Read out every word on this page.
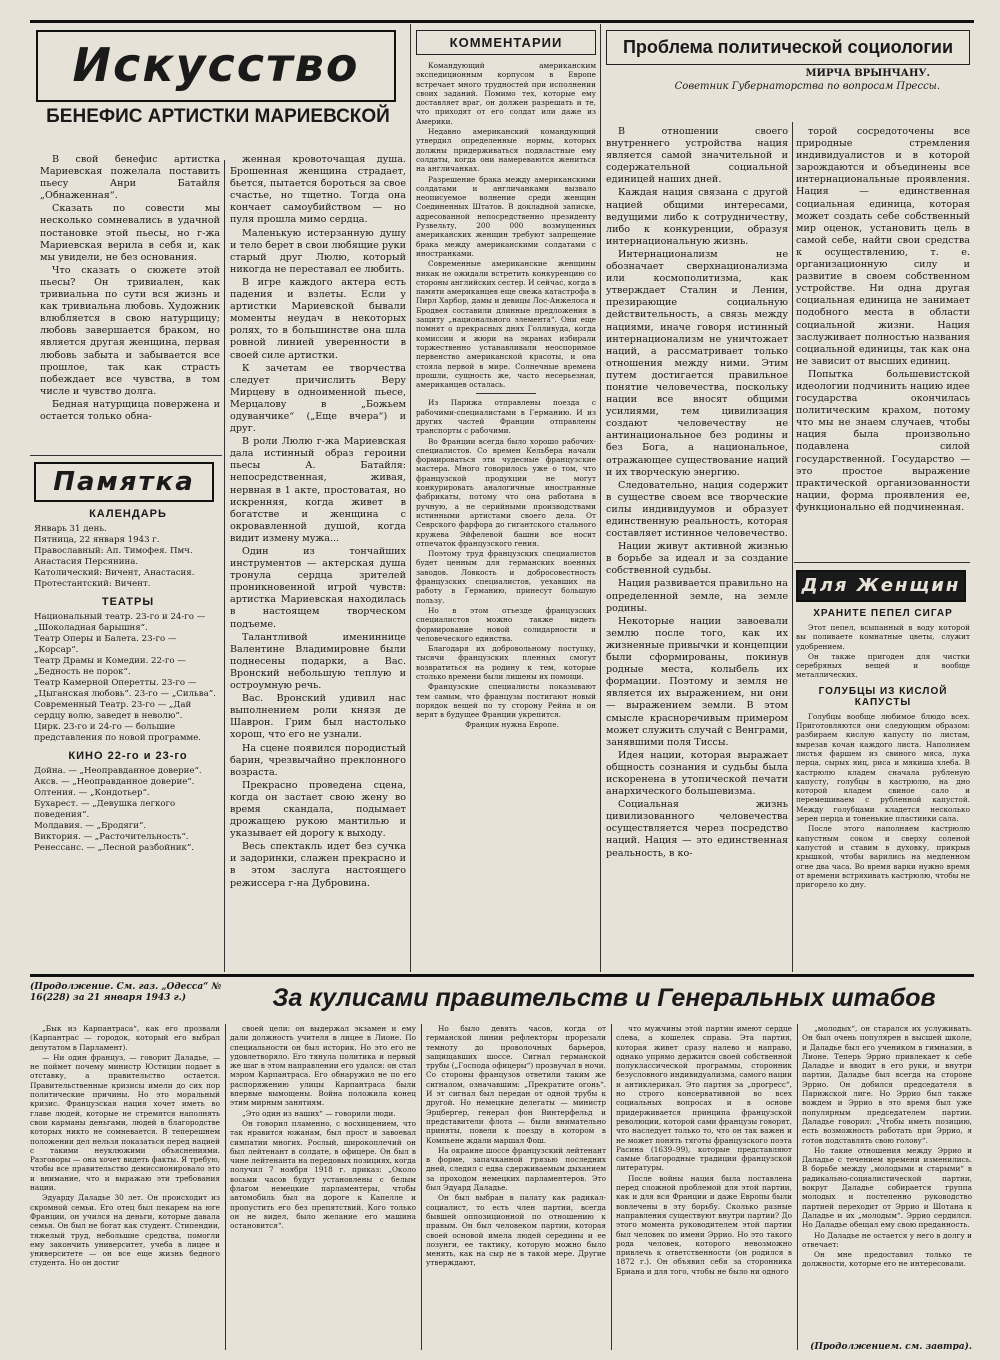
Искусство
БЕНЕФИС АРТИСТКИ МАРИЕВСКОЙ

В свой бенефис артистка Мариевская пожелала поставить пьесу Анри Батайля „Обнаженная“.

Сказать по совести мы несколько сомневались в удачной постановке этой пьесы, но г-жа Мариевская верила в себя и, как мы увидели, не без основания.

Что сказать о сюжете этой пьесы? Он тривиален, как тривиальна по сути вся жизнь и как тривиальна любовь. Художник влюбляется в свою натурщицу; любовь завершается браком, но является другая женщина, первая любовь забыта и забывается все прошлое, так как страсть побеждает все чувства, в том числе и чувство долга.

Бедная натурщица повержена и остается только обна-

женная кровоточащая душа. Брошенная женщина страдает, бьется, пытается бороться за свое счастье, но тщетно. Тогда она кончает самоубийством — но пуля прошла мимо сердца.

Маленькую истерзанную душу и тело берет в свои любящие руки старый друг Люлю, который никогда не переставал ее любить.

В игре каждого актера есть падения и взлеты. Если у артистки Мариевской бывали моменты неудач в некоторых ролях, то в большинстве она шла ровной линией уверенности в своей силе артистки.

К зачетам ее творчества следует причислить Веру Мирцеву в одноименной пьесе, Мерцалову в „Божьем одуванчике“ („Еще вчера“) и друг.

В роли Люлю г-жа Мариевская дала истинный образ героини пьесы А. Батайля: непосредственная, живая, нервная в 1 акте, простоватая, но искренняя, когда живет в богатстве и женщина с окровавленной душой, когда видит измену мужа...

Один из тончайших инструментов — актерская душа тронула сердца зрителей проникновенной игрой чувств: артистка Мариевская находилась в настоящем творческом подъеме.

Талантливой имениннице Валентине Владимировне были поднесены подарки, а Вас. Вронский небольшую теплую и остроумную речь.

Вас. Вронский удивил нас выполнением роли князя де Шаврон. Грим был настолько хорош, что его не узнали.

На сцене появился породистый барин, чрезвычайно преклонного возраста.

Прекрасно проведена сцена, когда он застает свою жену во время скандала, подымает дрожащею рукою мантилью и указывает ей дорогу к выходу.

Весь спектакль идет без сучка и задоринки, слажен прекрасно и в этом заслуга настоящего режиссера г-на Дубровина.

Памятка
КАЛЕНДАРЬ
Январь 31 день.
Пятница, 22 января 1943 г.
Православный: Ап. Тимофея. Пмч. Анастасия Персянина.
Католический: Вичент, Анастасия.
Протестантский: Вичент.
ТЕАТРЫ
Национальный театр. 23-го и 24-го — „Шоколадная барышня“.
Театр Оперы и Балета. 23-го — „Корсар“.
Театр Драмы и Комедии. 22-го — „Бедность не порок“.
Театр Камерной Оперетты. 23-го — „Цыганская любовь“. 23-го — „Сильва“.
Современный Театр. 23-го — „Дай сердцу волю, заведет в неволю“.
Цирк. 23-го и 24-го — большие представления по новой программе.
КИНО 22-го и 23-го
Дойна. — „Неоправданное доверие“.
Аксв. — „Неоправданное доверие“.
Олтения. — „Кондотьер“.
Бухарест. — „Девушка легкого поведения“.
Молдавия. — „Бродяги“.
Виктория. — „Расточительность“.
Ренессанс. — „Лесной разбойник“.
КОММЕНТАРИИ

Командующий американским экспедиционным корпусом в Европе встречает много трудностей при исполнении своих заданий. Помимо тех, которые ему доставляет враг, он должен разрешать и те, что приходят от его солдат или даже из Америки.

Недавно американский командующий утвердил определенные нормы, которых должны придерживаться подвластные ему солдаты, когда они намереваются жениться на англичанках.

Разрешение брака между американскими солдатами и англичанками вызвало неописуемое волнение среди женщин Соединенных Штатов. В докладной записке, адресованной непосредственно президенту Рузвельту, 200 000 возмущенных американских женщин требуют запрещение брака между американскими солдатами с иностранками.

Современные американские женщины никак не ожидали встретить конкуренцию со стороны английских сестер. И сейчас, когда в памяти американцев еще свежа катастрофа в Пирл Харбор, дамы и девицы Лос-Анжелоса и Бродвея составили длинные предложения в защиту „национального элемента“. Они еще помнят о прекрасных днях Голливуда, когда комиссии и жюри на экранах избирали торжественно устанавливали неоспоримое первенство американской красоты, и она стояла первой в мире. Солнечные времена прошли, сущность же, часто несерьезная, американцев осталась.

Из Парижа отправлены поезда с рабочими-специалистами в Германию. И из других частей Франции отправлены транспорты с рабочими.

Во Франции всегда было хорошо рабочих-специалистов. Со времен Кельбера начали формироваться эти чудесные французские мастера. Много говорилось уже о том, что французской продукции не могут конкурировать аналогичные иностранные фабрикаты, потому что она работана в ручную, а не серийными производствами истинными артистами своего дела. От Севрского фарфора до гигантского стального кружева Эйфелевой башни все носит отпечаток французского гения.

Поэтому труд французских специалистов будет ценным для германских военных заводов. Ловкость и добросовестность французских специалистов, уехавших на работу в Германию, принесут большую пользу.

Но в этом отъезде французских специалистов можно также видеть формирование новой солидарности и человеческого единства.

Благодаря их добровольному поступку, тысячи французских пленных смогут возвратиться на родину к тем, которые столько времени были лишены их помощи.

Французские специалисты показывают тем самым, что французы постигают новый порядок вещей по ту сторону Рейна и он верят в будущее Франции укрепится.

Франция нужна Европе.

Проблема политической социологии
МИРЧА ВРЫНЧАНУ.
Советник Губернаторства по вопросам Прессы.

В отношении своего внутреннего устройства нация является самой значительной и содержательной социальной единицей наших дней.

Каждая нация связана с другой нацией общими интересами, ведущими либо к сотрудничеству, либо к конкуренции, образуя интернациональную жизнь.

Интернационализм не обозначает сверхнационализма или космополитизма, как утверждает Сталин и Ленин, презирающие социальную действительность, а связь между нациями, иначе говоря истинный интернационализм не уничтожает наций, а рассматривает только отношения между ними. Этим путем достигается правильное понятие человечества, поскольку нации все вносят общими усилиями, тем цивилизация создают человечеству не антинациональное без родины и без Бога, а национальное, отражающее существование наций и их творческую энергию.

Следовательно, нация содержит в существе своем все творческие силы индивидуумов и образует единственную реальность, которая составляет истинное человечество.

Нации живут активной жизнью в борьбе за идеал и за создание собственной судьбы.

Нация развивается правильно на определенной земле, на земле родины.

Некоторые нации завоевали землю после того, как их жизненные привычки и концепции были сформированы, покинув родные места, колыбель их формации. Поэтому и земля не является их выражением, ни они — выражением земли. В этом смысле красноречивым примером может служить случай с Венграми, занявшими поля Тиссы.

Идея нации, которая выражает общность сознания и судьбы была искоренена в утопической печати анархического большевизма.

Социальная жизнь цивилизованного человечества осуществляется через посредство наций. Нация — это единственная реальность, в ко-

торой сосредоточены все природные стремления индивидуалистов и в которой зарождаются и объединены все интернациональные проявления. Нация — единственная социальная единица, которая может создать себе собственный мир оценок, установить цель в самой себе, найти свои средства к осуществлению, т. е. организационную силу и развитие в своем собственном устройстве. Ни одна другая социальная единица не занимает подобного места в области социальной жизни. Нация заслуживает полностью названия социальной единицы, так как она не зависит от высших единиц.

Попытка большевистской идеологии подчинить нацию идее государства окончилась политическим крахом, потому что мы не знаем случаев, чтобы нация была произвольно подавлена силой государственной. Государство — это простое выражение практической организованности нации, форма проявления ее, функционально ей подчиненная.

Для Женщин
ХРАНИТЕ ПЕПЕЛ СИГАР

Этот пепел, всыпанный в воду которой вы поливаете комнатные цветы, служит удобрением.

Он также пригоден для чистки серебряных вещей и вообще металлических.

ГОЛУБЦЫ ИЗ КИСЛОЙ КАПУСТЫ

Голубцы вообще любимое блюдо всех. Приготовляются они следующим образом: разбираем кислую капусту по листам, вырезав кочан каждого листа. Наполняем листья фаршем из свиного мяса, лука перца, сырых яиц, риса и мякиша хлеба. В кастрюлю кладем сначала рубленую капусту, голубцы в кастрюлю, на дно которой кладем свиное сало и перемешиваем с рубленной капустой. Между голубцами кладется несколько зерен перца и тоненькие пластинки сала.

После этого наполняем кастрюлю капустным соком и сверху соленой капустой и ставим в духовку, прикрыв крышкой, чтобы варились на медленном огне два часа. Во время варки нужно время от времени встряхивать кастрюлю, чтобы не пригорело ко дну.

(Продолжение. См. газ. „Одесса“ № 16(228) за 21 января 1943 г.)	За кулисами правительств и Генеральных штабов

„Бык из Карпантраса“, как его прозвали (Карпантрас — городок, который его выбрал депутатом в Парламент).

— Ни один француз, — говорит Даладье, — не поймет почему министр Юстиции подает в отставку, а правительство остается. Правительственные кризисы имели до сих пор политические причины. Но это моральный кризис. Французская нация хочет иметь во главе людей, которые не стремятся наполнять свои карманы деньгами, людей в благородстве которых никто не сомневается. В теперешнем положении дел нельзя показаться перед нацией с такими неуклюжими объяснениями. Разговоры — она хочет видеть факты. Я требую, чтобы все правительство демиссионировало это и внимание, что и выражаю эти требования нации.

Эдуарду Даладье 30 лет. Он происходит из скромной семьи. Его отец был пекарем на юге Франции, он учился на деньги, которые давала семья. Он был не богат как студент. Стипендии, тяжелый труд, небольшие средства, помогли ему закончить университет, учеба в лицее и университете — он все еще жизнь бедного студента. Но он достиг

своей цели: он выдержал экзамен и ему дали должность учителя в лицее в Лионе. По специальности он был историк. Но это его не удовлетворяло. Его тянула политика и первый же шаг в этом направлении его удался: он стал мэром Карпантраса. Его обнаружил не по его распоряжению улицы Карпантраса были впервые вымощены. Война положила конец этим мирным занятиям.

„Это один из наших“ — говорили люди.

Он говорил пламенно, с восхищением, что так нравится южанам, был прост и завоевал симпатии многих. Рослый, широкоплечий он был лейтенант в солдате, в офицере. Он был в чине лейтенанта на передовых позициях, когда получил 7 ноября 1918 г. приказ: „Около восьми часов будут установлены с белым флагом немецкие парламентеры, чтобы автомобиль был на дороге к Капелле и пропустить его без препятствий. Кого только он не видел, было желание его машина остановится“.

Но было девять часов, когда от германской линии рефлекторы прорезали темноту до проволочных барьеров, защищавших шоссе. Сигнал германской трубы („Господа офицеры“) прозвучал в ночи. Со стороны французов ответили таким же сигналом, означавшим: „Прекратите огонь“. И эт сигнал был передан от одной трубы к другой. Но немецкие делегаты — министр Эрцбергер, генерал фон Винтерфельд и представители флота — были внимательно приняты, повели к поезду в котором в Компьене ждали маршал Фош.

На окраине шоссе французский лейтенант в форме, запачканной грязью последних дней, следил с едва сдерживаемым дыханием за проходом немецких парламентеров. Это был Эдуард Даладье.

Он был выбран в палату как радикал-социалист, то есть член партии, всегда бывшей оппозиционной по отношению к правым. Он был человеком партии, которая своей основой имела людей середины и ее лозунги, ее тактику, которую можно было менять, как на сыр не в такой мере. Другие утверждают,

что мужчины этой партии имеют сердце слева, а кошелек справа. Эта партия, которая живет сразу налево и направо, однако упрямо держится своей собственной полуклассической программы, сторонник безусловного индивидуализма, самого нации и антиклерикал. Это партия за „прогресс“, но строго консервативной во всех социальных вопросах и в основе придерживается принципа французской революции, которой сами французы говорят, что наследует только то, что он так важен и не может понять тяготы французского поэта Расина (1639–99), которые представляют самые благородные традиции французской литературы.

После войны нация была поставлена перед сложной проблемой для этой партии, как и для вся Франции и даже Европы были вовлечены в эту борьбу. Сколько разные направления существуют внутри партии? До этого момента руководителем этой партии был человек по имени Эррио. Но это такого рода человек, которого невозможно привлечь к ответственности (он родился в 1872 г.). Он объявил себя за сторонника Бриана и для того, чтобы не было ни одного

„молодых“, он старался их услуживать. Он был очень популярен в высшей школе, и Даладье был его учеником в гимназии, в Лионе. Теперь Эррио привлекает к себе Даладье и вводит в его руки, и внутри партии, Даладье был всегда на стороне Эррио. Он добился председателя в Парижской лиге. Но Эррио был также вождем и Эррио в это время был уже популярным председателем партии. Даладье говорил: „Чтобы иметь позицию, есть возможность работать при Эррио, я готов подставлять свою голову“.

Но такие отношения между Эррио и Даладье с течением времени изменились. В борьбе между „молодыми и старыми“ в радикально-социалистической партии, вокруг Даладье собирается группа молодых и постепенно руководство партией переходит от Эррио и Шотана к Даладье и их „молодым“. Эррио сердился. Но Даладье обещал ему свою преданность.

Но Даладье не остается у него в долгу и отвечает:

Он мне предоставил только те должности, которые его не интересовали.

(Продолжением. см. завтра).
